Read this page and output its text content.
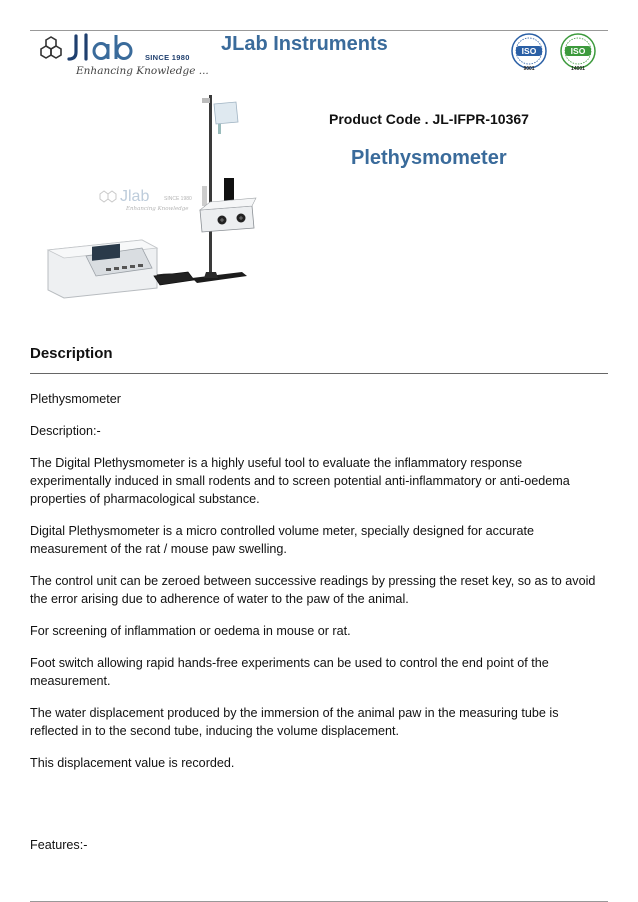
SINCE 1980
Enhancing Knowledge ...
JLab Instruments	ISO
9001
ISO
14001
Product Code . JL-IFPR-10367
Plethysmometer
Jlab	SINCE 1980
Enhancing Knowledge
Description

Plethysmometer

Description:-

The Digital Plethysmometer is a highly useful tool to evaluate the inflammatory response experimentally induced in small rodents and to screen potential anti-inflammatory or anti-oedema properties of pharmacological substance.

Digital Plethysmometer is a micro controlled volume meter, specially designed for accurate measurement of the rat / mouse paw swelling.

The control unit can be zeroed between successive readings by pressing the reset key, so as to avoid the error arising due to adherence of water to the paw of the animal.

For screening of inflammation or oedema in mouse or rat.

Foot switch allowing rapid hands-free experiments can be used to control the end point of the measurement.

The water displacement produced by the immersion of the animal paw in the measuring tube is reflected in to the second tube, inducing the volume displacement.

This displacement value is recorded.

Features:-
